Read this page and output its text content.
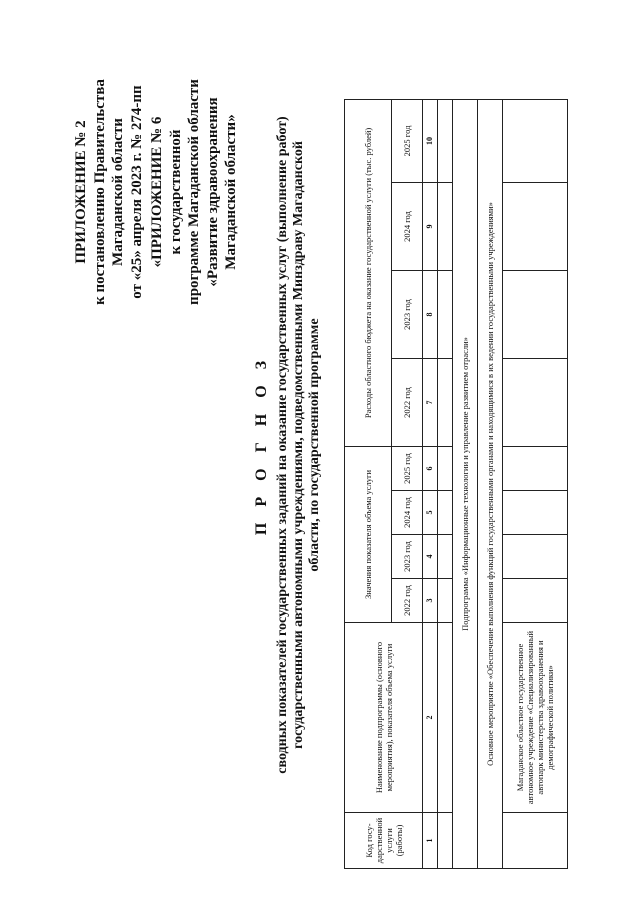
ПРИЛОЖЕНИЕ № 2 к постановлению Правительства Магаданской области от «25» апреля 2023 г. № 274-пп «ПРИЛОЖЕНИЕ № 6 к государственной программе Магаданской области «Развитие здравоохранения Магаданской области»
П Р О Г Н О З сводных показателей государственных заданий на оказание государственных услуг (выполнение работ) государственными автономными учреждениями, подведомственными Минздраву Магаданской области, по государственной программе
Код госу-дарственной услуги (работы)	Наименование подпрограммы (основного мероприятия), показателя объема услуги	Значения показателя объема услуги				Расходы областного бюджета на оказание государственной услуги (тыс. рублей)			
		2022 год	2023 год	2024 год	2025 год	2022 год	2023 год	2024 год	2025 год
1	2	3	4	5	6	7	8	9	10

Подпрограмма «Информационные технологии и управление развитием отрасли»									
Основное мероприятие «Обеспечение выполнения функций государственными органами и находящимися в их ведении государственными учреждениями»									
	Магаданское областное государственное автономное учреждение «Специализированный автопарк министерства здравоохранения и демографической политики»								
